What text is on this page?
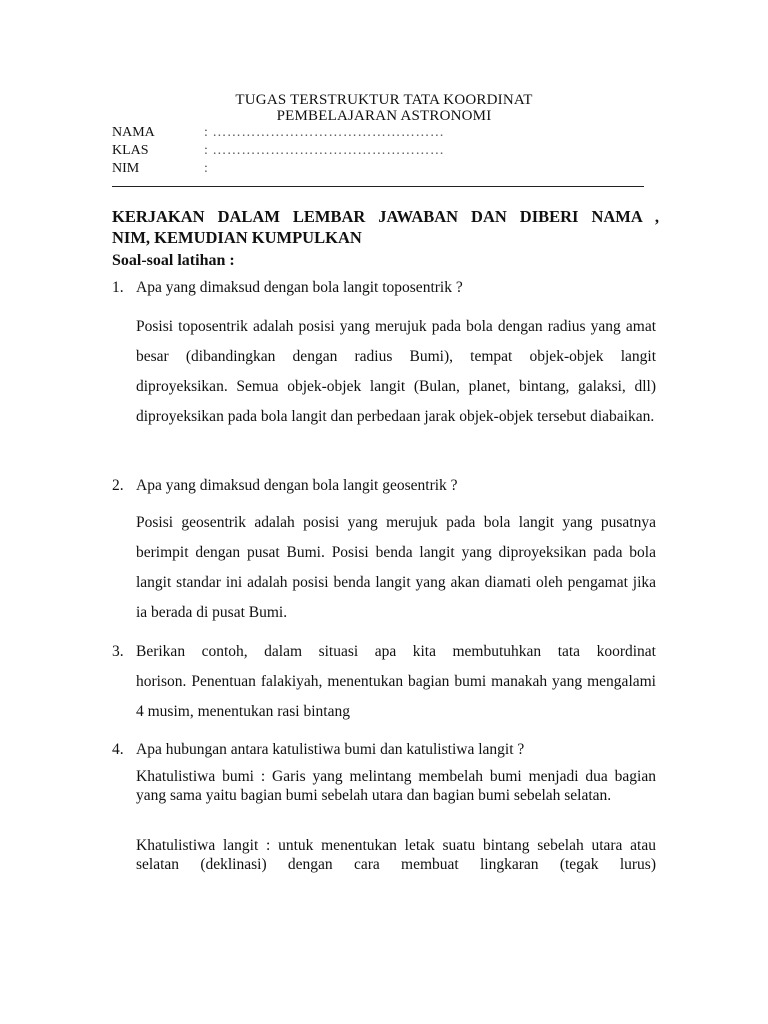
TUGAS TERSTRUKTUR TATA KOORDINAT
PEMBELAJARAN ASTRONOMI
NAMA	: …………………………………………
KLAS	: …………………………………………
NIM	:
KERJAKAN DALAM LEMBAR JAWABAN DAN DIBERI NAMA ,
NIM, KEMUDIAN KUMPULKAN
Soal-soal latihan :
1. Apa yang dimaksud dengan bola langit toposentrik ?

Posisi toposentrik adalah posisi yang merujuk pada bola dengan radius yang amat besar (dibandingkan dengan radius Bumi), tempat objek-objek langit diproyeksikan. Semua objek-objek langit (Bulan, planet, bintang, galaksi, dll) diproyeksikan pada bola langit dan perbedaan jarak objek-objek tersebut diabaikan.

2. Apa yang dimaksud dengan bola langit geosentrik ?

Posisi geosentrik adalah posisi yang merujuk pada bola langit yang pusatnya berimpit dengan pusat Bumi. Posisi benda langit yang diproyeksikan pada bola langit standar ini adalah posisi benda langit yang akan diamati oleh pengamat jika ia berada di pusat Bumi.

3. Berikan contoh, dalam situasi apa kita membutuhkan tata koordinat
horison. Penentuan falakiyah, menentukan bagian bumi manakah yang mengalami 4 musim, menentukan rasi bintang
4. Apa hubungan antara katulistiwa bumi dan katulistiwa langit ?

Khatulistiwa bumi : Garis yang melintang membelah bumi menjadi dua bagian yang sama yaitu bagian bumi sebelah utara dan bagian bumi sebelah selatan.

Khatulistiwa langit : untuk menentukan letak suatu bintang sebelah utara atau selatan (deklinasi) dengan cara membuat lingkaran (tegak lurus)
